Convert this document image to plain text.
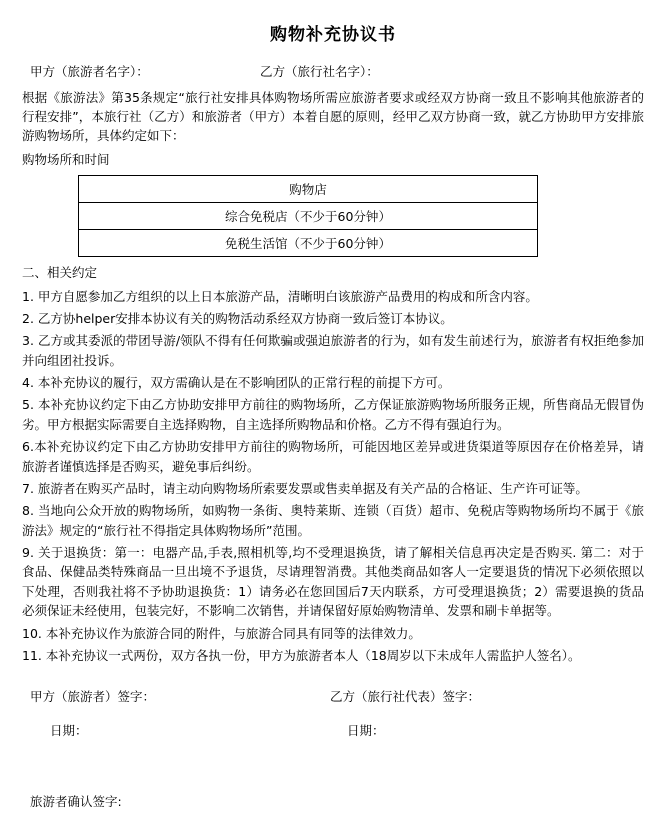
购物补充协议书
甲方（旅游者名字）：	乙方（旅行社名字）：
根据《旅游法》第35条规定“旅行社安排具体购物场所需应旅游者要求或经双方协商一致且不影响其他旅游者的行程安排”，本旅行社（乙方）和旅游者（甲方）本着自愿的原则，经甲乙双方协商一致，就乙方协助甲方安排旅游购物场所，具体约定如下：
购物场所和时间
购物店
综合免税店（不少于60分钟）
免税生活馆（不少于60分钟）
二、相关约定
1. 甲方自愿参加乙方组织的以上日本旅游产品，清晰明白该旅游产品费用的构成和所含内容。
2. 乙方协helper安排本协议有关的购物活动系经双方协商一致后签订本协议。
3. 乙方或其委派的带团导游/领队不得有任何欺骗或强迫旅游者的行为，如有发生前述行为，旅游者有权拒绝参加并向组团社投诉。
4. 本补充协议的履行，双方需确认是在不影响团队的正常行程的前提下方可。
5. 本补充协议约定下由乙方协助安排甲方前往的购物场所，乙方保证旅游购物场所服务正规，所售商品无假冒伪劣。甲方根据实际需要自主选择购物，自主选择所购物品和价格。乙方不得有强迫行为。
6.本补充协议约定下由乙方协助安排甲方前往的购物场所，可能因地区差异或进货渠道等原因存在价格差异，请旅游者谨慎选择是否购买，避免事后纠纷。
7. 旅游者在购买产品时，请主动向购物场所索要发票或售卖单据及有关产品的合格证、生产许可证等。
8. 当地向公众开放的购物场所，如购物一条街、奥特莱斯、连锁（百货）超市、免税店等购物场所均不属于《旅游法》规定的“旅行社不得指定具体购物场所”范围。
9. 关于退换货：第一：电器产品,手表,照相机等,均不受理退换货，请了解相关信息再决定是否购买. 第二：对于食品、保健品类特殊商品一旦出境不予退货，尽请理智消费。其他类商品如客人一定要退货的情况下必须依照以下处理，否则我社将不予协助退换货：1）请务必在您回国后7天内联系，方可受理退换货；2）需要退换的货品必须保证未经使用，包装完好，不影响二次销售，并请保留好原始购物清单、发票和刷卡单据等。
10. 本补充协议作为旅游合同的附件，与旅游合同具有同等的法律效力。
11. 本补充协议一式两份，双方各执一份，甲方为旅游者本人（18周岁以下未成年人需监护人签名）。
甲方（旅游者）签字：	乙方（旅行社代表）签字：
日期：	日期：
旅游者确认签字:
